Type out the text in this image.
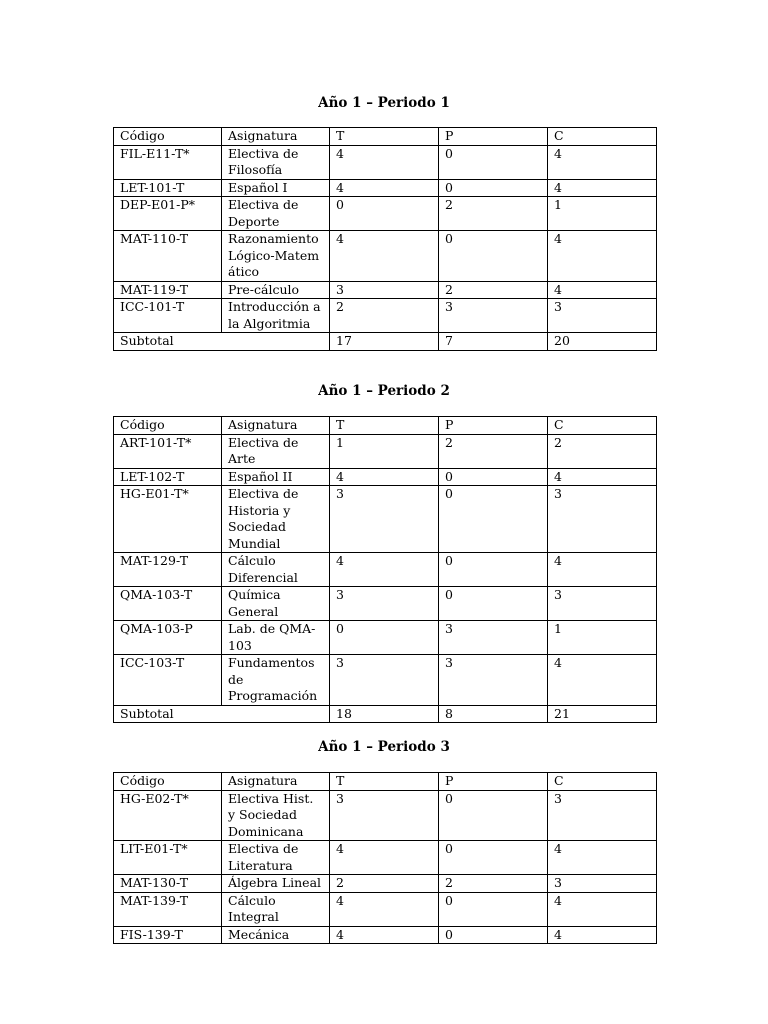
Año 1 – Periodo 1
Código	Asignatura	T	P	C
FIL-E11-T*	Electiva de Filosofía	4	0	4
LET-101-T	Español I	4	0	4
DEP-E01-P*	Electiva de Deporte	0	2	1
MAT-110-T	Razonamiento Lógico-Matemático	4	0	4
MAT-119-T	Pre-cálculo	3	2	4
ICC-101-T	Introducción a la Algoritmia	2	3	3
Subtotal		17	7	20
Año 1 – Periodo 2
Código	Asignatura	T	P	C
ART-101-T*	Electiva de Arte	1	2	2
LET-102-T	Español II	4	0	4
HG-E01-T*	Electiva de Historia y Sociedad Mundial	3	0	3
MAT-129-T	Cálculo Diferencial	4	0	4
QMA-103-T	Química General	3	0	3
QMA-103-P	Lab. de QMA-103	0	3	1
ICC-103-T	Fundamentos de Programación	3	3	4
Subtotal		18	8	21
Año 1 – Periodo 3
Código	Asignatura	T	P	C
HG-E02-T*	Electiva Hist. y Sociedad Dominicana	3	0	3
LIT-E01-T*	Electiva de Literatura	4	0	4
MAT-130-T	Álgebra Lineal	2	2	3
MAT-139-T	Cálculo Integral	4	0	4
FIS-139-T	Mecánica	4	0	4
